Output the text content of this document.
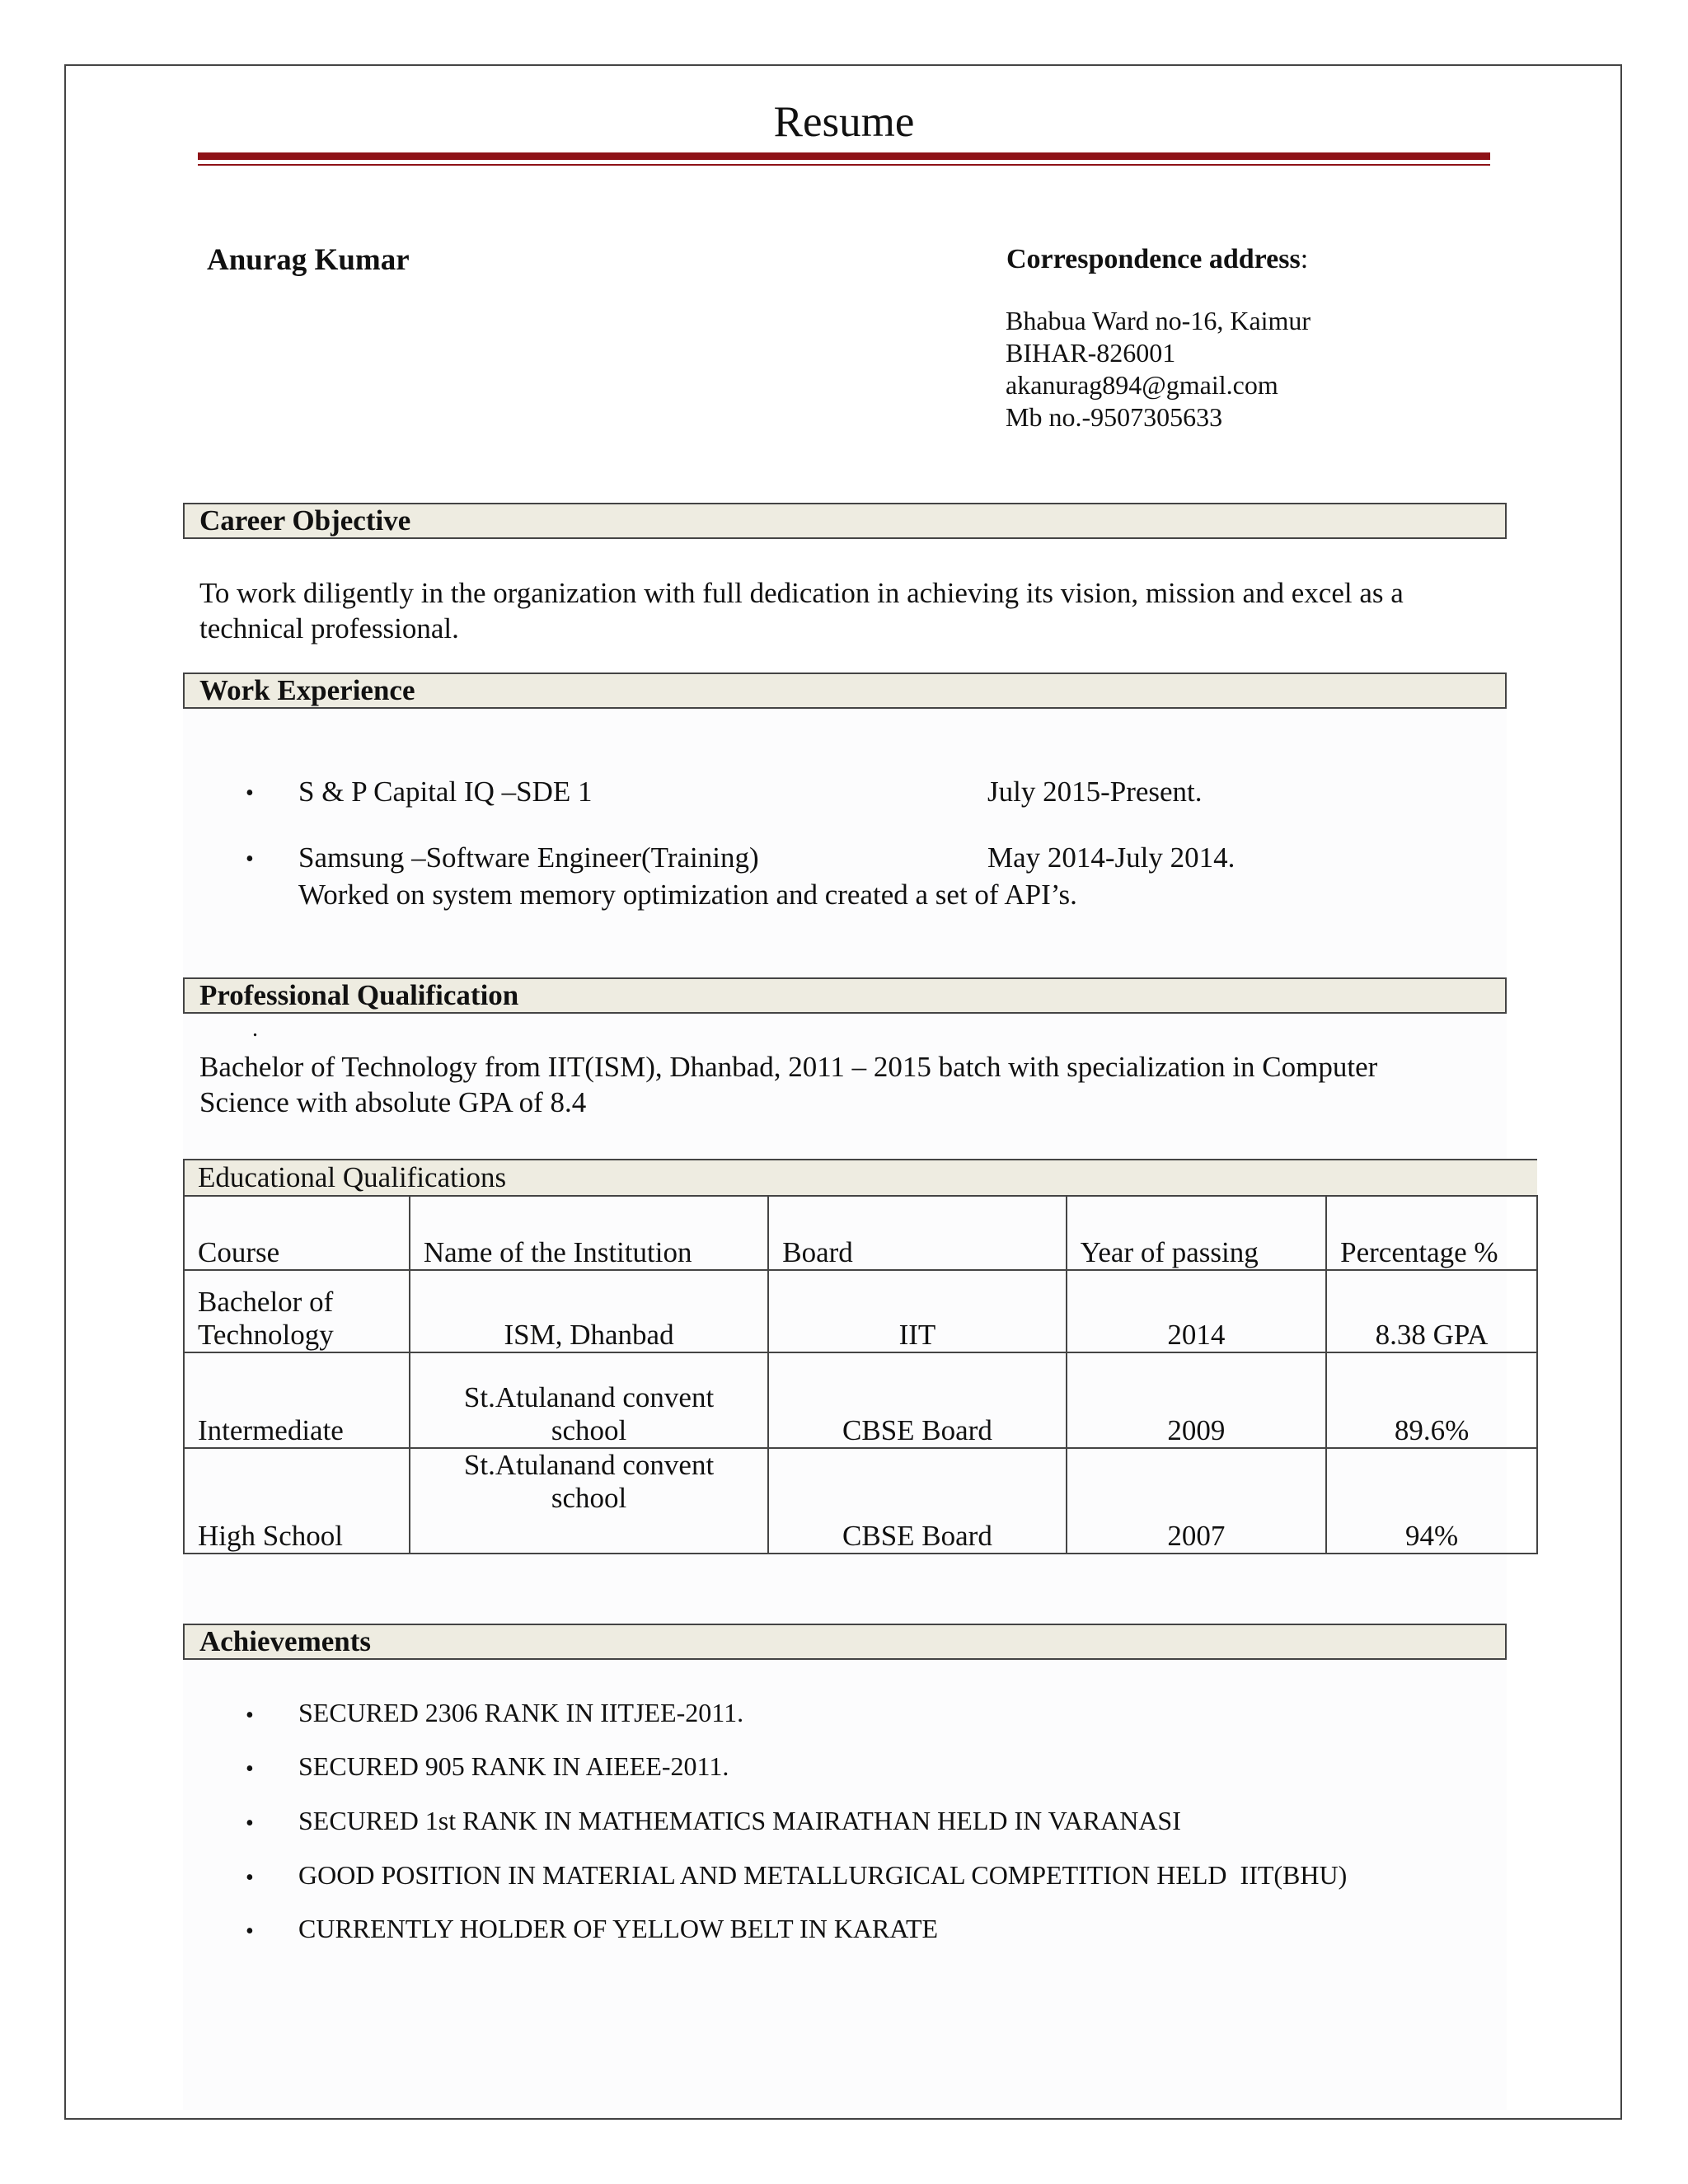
Resume
Anurag Kumar	Correspondence address:
Bhabua Ward no-16, Kaimur
BIHAR-826001
akanurag894@gmail.com
Mb no.-9507305633
Career Objective
To work diligently in the organization with full dedication in achieving its vision, mission and excel as a
technical professional.
Work Experience
• S & P Capital IQ –SDE 1	July 2015-Present.
• Samsung –Software Engineer(Training)	May 2014-July 2014.
Worked on system memory optimization and created a set of API’s.
Professional Qualification
.
Bachelor of Technology from IIT(ISM), Dhanbad, 2011 – 2015 batch with specialization in Computer
Science with absolute GPA of 8.4
Educational Qualifications				
Course	Name of the Institution	Board	Year of passing	Percentage %

Bachelor of
Technology	ISM, Dhanbad	IIT	2014	8.38 GPA
Intermediate	St.Atulanand convent
school	CBSE Board	2009	89.6%
High School	St.Atulanand convent
school	CBSE Board	2007	94%
Achievements
• SECURED 2306 RANK IN IITJEE-2011.
• SECURED 905 RANK IN AIEEE-2011.
• SECURED 1st RANK IN MATHEMATICS MAIRATHAN HELD IN VARANASI
• GOOD POSITION IN MATERIAL AND METALLURGICAL COMPETITION HELD  IIT(BHU)
• CURRENTLY HOLDER OF YELLOW BELT IN KARATE
